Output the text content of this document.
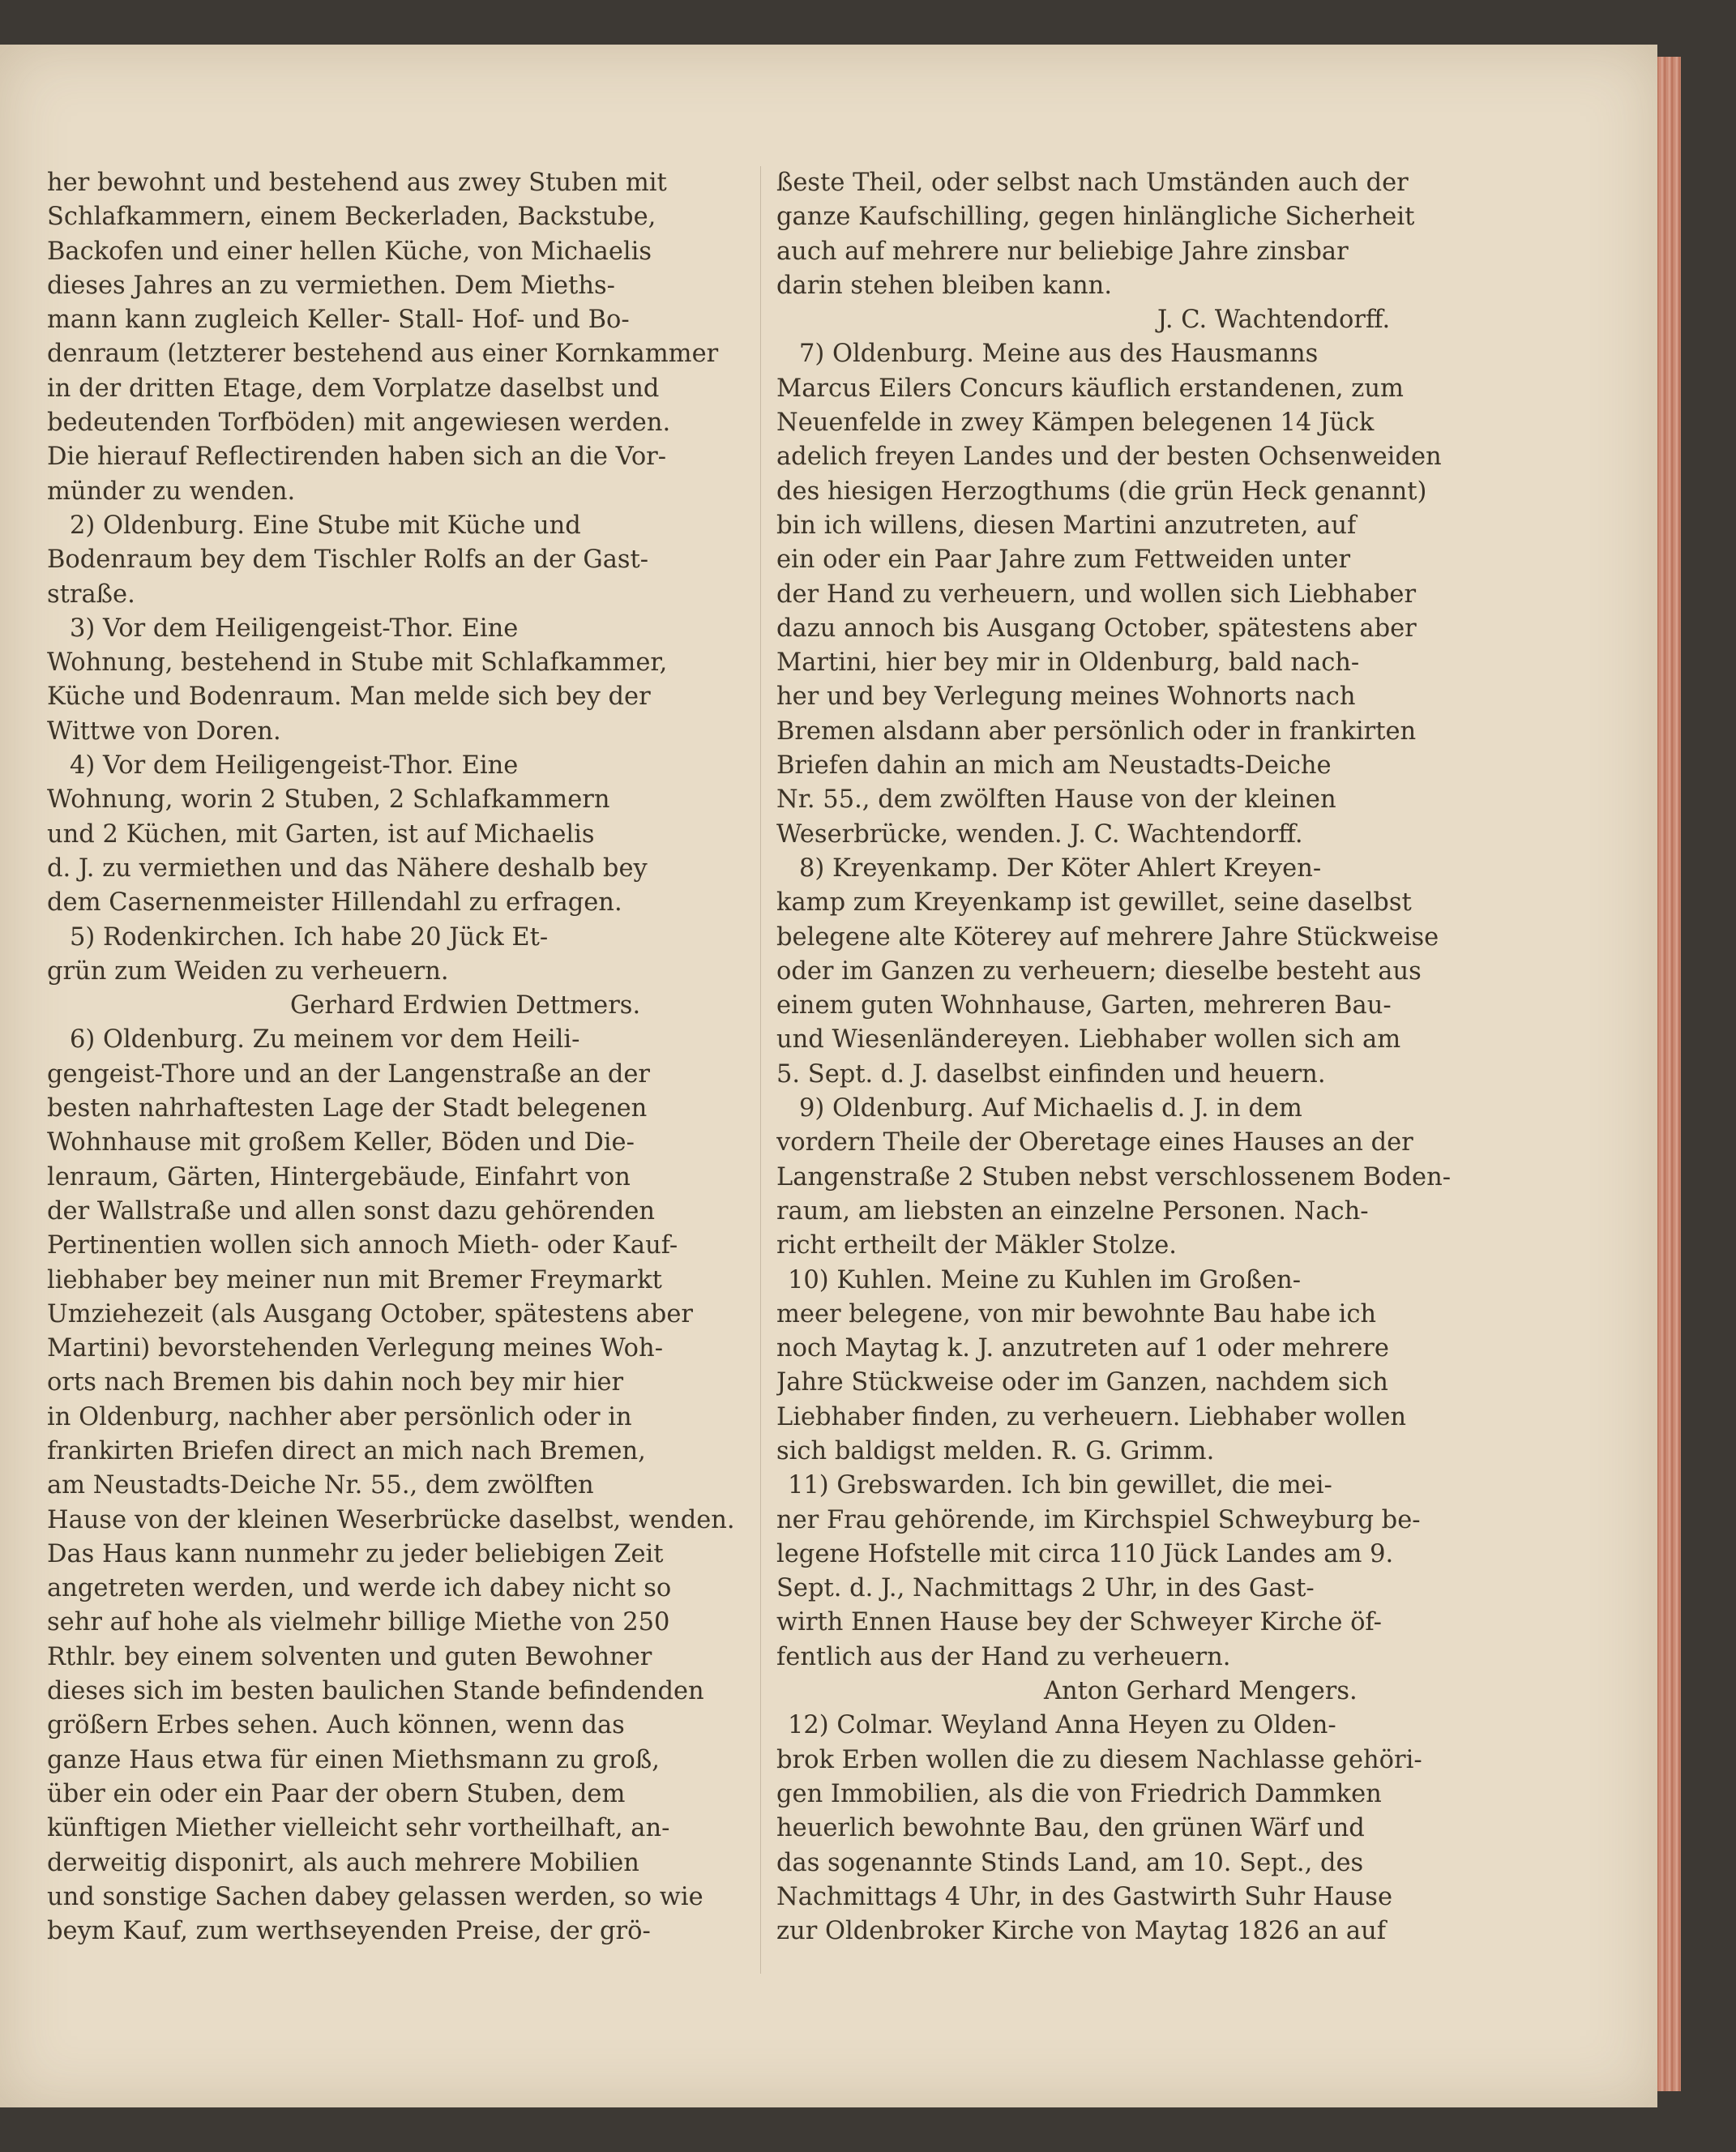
her bewohnt und bestehend aus zwey Stuben mit
Schlafkammern, einem Beckerladen, Backstube,
Backofen und einer hellen Küche, von Michaelis
dieses Jahres an zu vermiethen. Dem Mieths-
mann kann zugleich Keller- Stall- Hof- und Bo-
denraum (letzterer bestehend aus einer Kornkammer
in der dritten Etage, dem Vorplatze daselbst und
bedeutenden Torfböden) mit angewiesen werden.
Die hierauf Reflectirenden haben sich an die Vor-
münder zu wenden.
2) Oldenburg. Eine Stube mit Küche und
Bodenraum bey dem Tischler Rolfs an der Gast-
straße.
3) Vor dem Heiligengeist-Thor. Eine
Wohnung, bestehend in Stube mit Schlafkammer,
Küche und Bodenraum. Man melde sich bey der
Wittwe von Doren.
4) Vor dem Heiligengeist-Thor. Eine
Wohnung, worin 2 Stuben, 2 Schlafkammern
und 2 Küchen, mit Garten, ist auf Michaelis
d. J. zu vermiethen und das Nähere deshalb bey
dem Casernenmeister Hillendahl zu erfragen.
5) Rodenkirchen. Ich habe 20 Jück Et-
grün zum Weiden zu verheuern.
Gerhard Erdwien Dettmers.
6) Oldenburg. Zu meinem vor dem Heili-
gengeist-Thore und an der Langenstraße an der
besten nahrhaftesten Lage der Stadt belegenen
Wohnhause mit großem Keller, Böden und Die-
lenraum, Gärten, Hintergebäude, Einfahrt von
der Wallstraße und allen sonst dazu gehörenden
Pertinentien wollen sich annoch Mieth- oder Kauf-
liebhaber bey meiner nun mit Bremer Freymarkt
Umziehezeit (als Ausgang October, spätestens aber
Martini) bevorstehenden Verlegung meines Woh-
orts nach Bremen bis dahin noch bey mir hier
in Oldenburg, nachher aber persönlich oder in
frankirten Briefen direct an mich nach Bremen,
am Neustadts-Deiche Nr. 55., dem zwölften
Hause von der kleinen Weserbrücke daselbst, wenden.
Das Haus kann nunmehr zu jeder beliebigen Zeit
angetreten werden, und werde ich dabey nicht so
sehr auf hohe als vielmehr billige Miethe von 250
Rthlr. bey einem solventen und guten Bewohner
dieses sich im besten baulichen Stande befindenden
größern Erbes sehen. Auch können, wenn das
ganze Haus etwa für einen Miethsmann zu groß,
über ein oder ein Paar der obern Stuben, dem
künftigen Miether vielleicht sehr vortheilhaft, an-
derweitig disponirt, als auch mehrere Mobilien
und sonstige Sachen dabey gelassen werden, so wie
beym Kauf, zum werthseyenden Preise, der grö-
ßeste Theil, oder selbst nach Umständen auch der
ganze Kaufschilling, gegen hinlängliche Sicherheit
auch auf mehrere nur beliebige Jahre zinsbar
darin stehen bleiben kann.
J. C. Wachtendorff.
7) Oldenburg. Meine aus des Hausmanns
Marcus Eilers Concurs käuflich erstandenen, zum
Neuenfelde in zwey Kämpen belegenen 14 Jück
adelich freyen Landes und der besten Ochsenweiden
des hiesigen Herzogthums (die grün Heck genannt)
bin ich willens, diesen Martini anzutreten, auf
ein oder ein Paar Jahre zum Fettweiden unter
der Hand zu verheuern, und wollen sich Liebhaber
dazu annoch bis Ausgang October, spätestens aber
Martini, hier bey mir in Oldenburg, bald nach-
her und bey Verlegung meines Wohnorts nach
Bremen alsdann aber persönlich oder in frankirten
Briefen dahin an mich am Neustadts-Deiche
Nr. 55., dem zwölften Hause von der kleinen
Weserbrücke, wenden. J. C. Wachtendorff.
8) Kreyenkamp. Der Köter Ahlert Kreyen-
kamp zum Kreyenkamp ist gewillet, seine daselbst
belegene alte Köterey auf mehrere Jahre Stückweise
oder im Ganzen zu verheuern; dieselbe besteht aus
einem guten Wohnhause, Garten, mehreren Bau-
und Wiesenländereyen. Liebhaber wollen sich am
5. Sept. d. J. daselbst einfinden und heuern.
9) Oldenburg. Auf Michaelis d. J. in dem
vordern Theile der Oberetage eines Hauses an der
Langenstraße 2 Stuben nebst verschlossenem Boden-
raum, am liebsten an einzelne Personen. Nach-
richt ertheilt der Mäkler Stolze.
10) Kuhlen. Meine zu Kuhlen im Großen-
meer belegene, von mir bewohnte Bau habe ich
noch Maytag k. J. anzutreten auf 1 oder mehrere
Jahre Stückweise oder im Ganzen, nachdem sich
Liebhaber finden, zu verheuern. Liebhaber wollen
sich baldigst melden. R. G. Grimm.
11) Grebswarden. Ich bin gewillet, die mei-
ner Frau gehörende, im Kirchspiel Schweyburg be-
legene Hofstelle mit circa 110 Jück Landes am 9.
Sept. d. J., Nachmittags 2 Uhr, in des Gast-
wirth Ennen Hause bey der Schweyer Kirche öf-
fentlich aus der Hand zu verheuern.
Anton Gerhard Mengers.
12) Colmar. Weyland Anna Heyen zu Olden-
brok Erben wollen die zu diesem Nachlasse gehöri-
gen Immobilien, als die von Friedrich Dammken
heuerlich bewohnte Bau, den grünen Wärf und
das sogenannte Stinds Land, am 10. Sept., des
Nachmittags 4 Uhr, in des Gastwirth Suhr Hause
zur Oldenbroker Kirche von Maytag 1826 an auf
